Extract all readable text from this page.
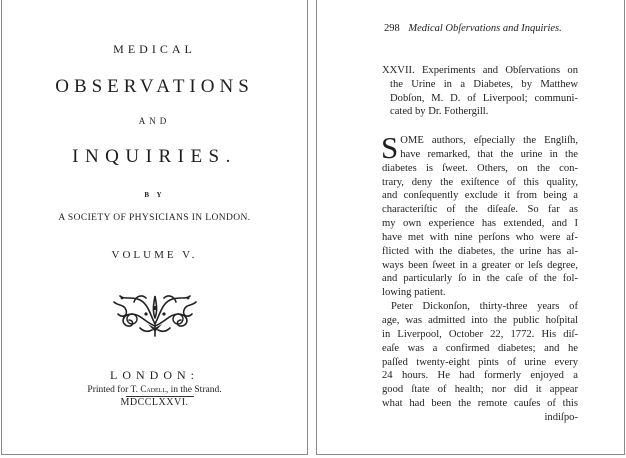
MEDICAL
OBSERVATIONS
AND
INQUIRIES.
B Y
A SOCIETY OF PHYSICIANS IN LONDON.
VOLUME V.
LONDON:
Printed for T. Cadell, in the Strand.
MDCCLXXVI.
298 Medical Obſervations and Inquiries.
XXVII. Experiments and Obſervations on
the Urine in a Diabetes, by Matthew
Dobſon, M. D. of Liverpool; communi-
cated by Dr. Fothergill.
S OME authors, eſpecially the Engliſh,
have remarked, that the urine in the
diabetes is ſweet. Others, on the con-
trary, deny the exiſtence of this quality,
and conſequently exclude it from being a
characteriſtic of the diſeaſe. So far as
my own experience has extended, and I
have met with nine perſons who were af-
flicted with the diabetes, the urine has al-
ways been ſweet in a greater or leſs degree,
and particularly ſo in the caſe of the fol-
lowing patient.
Peter Dickonſon, thirty-three years of
age, was admitted into the public hoſpital
in Liverpool, October 22, 1772. His diſ-
eaſe was a confirmed diabetes; and he
paſſed twenty-eight pints of urine every
24 hours. He had formerly enjoyed a
good ſtate of health; nor did it appear
what had been the remote cauſes of this
indiſpo-
